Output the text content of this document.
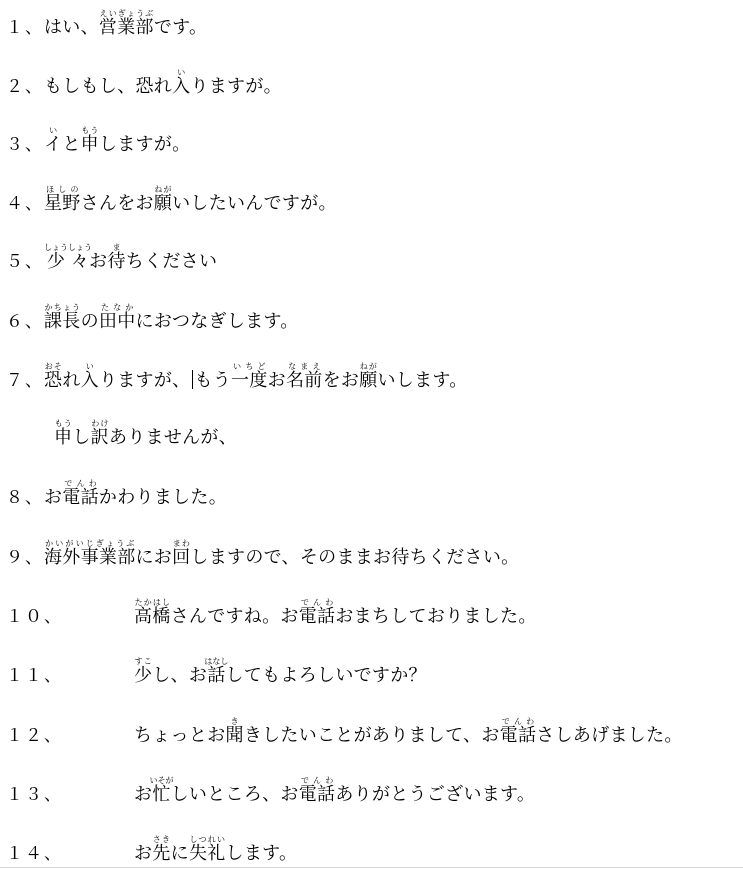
１、 はい、営業部えいぎょうぶです。
２、 もしもし、恐れ入いりますが。
３、 イいと申もうしますが。
４、 星野ほしのさんをお願ねがいしたいんですが。
５、 少々しょうしょうお待まちください
６、 課長かちょうの田中たなかにおつなぎします。
７、 恐おそれ入いりますが、 もう一度いちどお名前なまえをお願ねがいします。
申もうし訳わけありませんが、
８、 お電話でんわかわりました。
９、 海外事業部かいがいじぎょうぶにお回まわしますので、そのままお待ちください。
１０、	高橋たかはしさんですね。お電話でんわおまちしておりました。
１１、	少すこし、お話はなししてもよろしいですか？
１２、	ちょっとお聞ききしたいことがありまして、お電話でんわさしあげました。
１３、	お忙いそがしいところ、お電話でんわありがとうございます。
１４、	お先さきに失礼しつれいします。
